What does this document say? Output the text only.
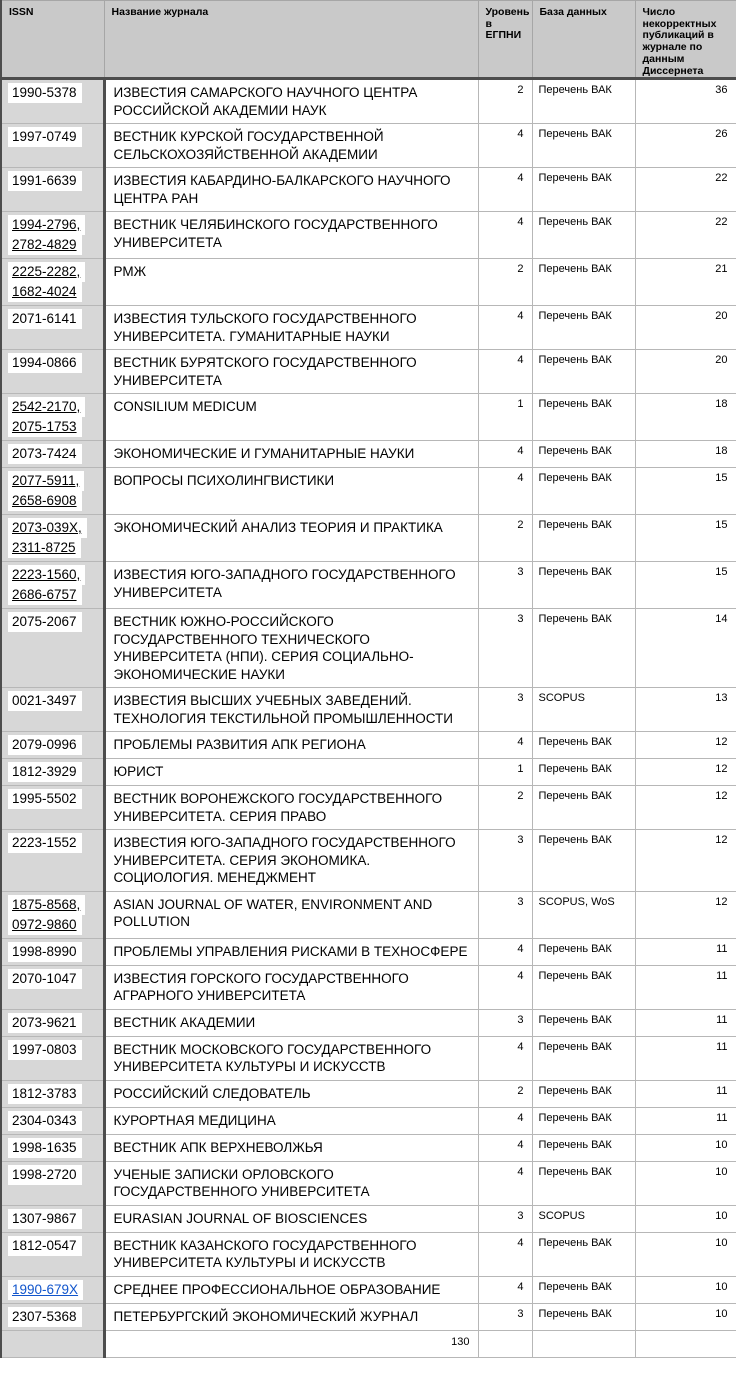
ISSN	Название журнала	Уровень в ЕГПНИ	База данных	Число некорректных публикаций в журнале по данным Диссернета

1990-5378	ИЗВЕСТИЯ САМАРСКОГО НАУЧНОГО ЦЕНТРА РОССИЙСКОЙ АКАДЕМИИ НАУК	2	Перечень ВАК	36

1997-0749	ВЕСТНИК КУРСКОЙ ГОСУДАРСТВЕННОЙ СЕЛЬСКОХОЗЯЙСТВЕННОЙ АКАДЕМИИ	4	Перечень ВАК	26

1991-6639	ИЗВЕСТИЯ КАБАРДИНО-БАЛКАРСКОГО НАУЧНОГО ЦЕНТРА РАН	4	Перечень ВАК	22

1994-2796,
2782-4829	ВЕСТНИК ЧЕЛЯБИНСКОГО ГОСУДАРСТВЕННОГО УНИВЕРСИТЕТА	4	Перечень ВАК	22

2225-2282,
1682-4024	РМЖ	2	Перечень ВАК	21

2071-6141	ИЗВЕСТИЯ ТУЛЬСКОГО ГОСУДАРСТВЕННОГО УНИВЕРСИТЕТА. ГУМАНИТАРНЫЕ НАУКИ	4	Перечень ВАК	20

1994-0866	ВЕСТНИК БУРЯТСКОГО ГОСУДАРСТВЕННОГО УНИВЕРСИТЕТА	4	Перечень ВАК	20

2542-2170,
2075-1753	CONSILIUM MEDICUM	1	Перечень ВАК	18

2073-7424	ЭКОНОМИЧЕСКИЕ И ГУМАНИТАРНЫЕ НАУКИ	4	Перечень ВАК	18

2077-5911,
2658-6908	ВОПРОСЫ ПСИХОЛИНГВИСТИКИ	4	Перечень ВАК	15

2073-039X,
2311-8725	ЭКОНОМИЧЕСКИЙ АНАЛИЗ ТЕОРИЯ И ПРАКТИКА	2	Перечень ВАК	15

2223-1560,
2686-6757	ИЗВЕСТИЯ ЮГО-ЗАПАДНОГО ГОСУДАРСТВЕННОГО УНИВЕРСИТЕТА	3	Перечень ВАК	15

2075-2067	ВЕСТНИК ЮЖНО-РОССИЙСКОГО ГОСУДАРСТВЕННОГО ТЕХНИЧЕСКОГО УНИВЕРСИТЕТА (НПИ). СЕРИЯ СОЦИАЛЬНО-ЭКОНОМИЧЕСКИЕ НАУКИ	3	Перечень ВАК	14

0021-3497	ИЗВЕСТИЯ ВЫСШИХ УЧЕБНЫХ ЗАВЕДЕНИЙ. ТЕХНОЛОГИЯ ТЕКСТИЛЬНОЙ ПРОМЫШЛЕННОСТИ	3	SCOPUS	13

2079-0996	ПРОБЛЕМЫ РАЗВИТИЯ АПК РЕГИОНА	4	Перечень ВАК	12

1812-3929	ЮРИСТ	1	Перечень ВАК	12

1995-5502	ВЕСТНИК ВОРОНЕЖСКОГО ГОСУДАРСТВЕННОГО УНИВЕРСИТЕТА. СЕРИЯ ПРАВО	2	Перечень ВАК	12

2223-1552	ИЗВЕСТИЯ ЮГО-ЗАПАДНОГО ГОСУДАРСТВЕННОГО УНИВЕРСИТЕТА. СЕРИЯ ЭКОНОМИКА. СОЦИОЛОГИЯ. МЕНЕДЖМЕНТ	3	Перечень ВАК	12

1875-8568,
0972-9860	ASIAN JOURNAL OF WATER, ENVIRONMENT AND POLLUTION	3	SCOPUS, WoS	12

1998-8990	ПРОБЛЕМЫ УПРАВЛЕНИЯ РИСКАМИ В ТЕХНОСФЕРЕ	4	Перечень ВАК	11

2070-1047	ИЗВЕСТИЯ ГОРСКОГО ГОСУДАРСТВЕННОГО АГРАРНОГО УНИВЕРСИТЕТА	4	Перечень ВАК	11

2073-9621	ВЕСТНИК АКАДЕМИИ	3	Перечень ВАК	11

1997-0803	ВЕСТНИК МОСКОВСКОГО ГОСУДАРСТВЕННОГО УНИВЕРСИТЕТА КУЛЬТУРЫ И ИСКУССТВ	4	Перечень ВАК	11

1812-3783	РОССИЙСКИЙ СЛЕДОВАТЕЛЬ	2	Перечень ВАК	11

2304-0343	КУРОРТНАЯ МЕДИЦИНА	4	Перечень ВАК	11

1998-1635	ВЕСТНИК АПК ВЕРХНЕВОЛЖЬЯ	4	Перечень ВАК	10

1998-2720	УЧЕНЫЕ ЗАПИСКИ ОРЛОВСКОГО ГОСУДАРСТВЕННОГО УНИВЕРСИТЕТА	4	Перечень ВАК	10

1307-9867	EURASIAN JOURNAL OF BIOSCIENCES	3	SCOPUS	10

1812-0547	ВЕСТНИК КАЗАНСКОГО ГОСУДАРСТВЕННОГО УНИВЕРСИТЕТА КУЛЬТУРЫ И ИСКУССТВ	4	Перечень ВАК	10

1990-679X	СРЕДНЕЕ ПРОФЕССИОНАЛЬНОЕ ОБРАЗОВАНИЕ	4	Перечень ВАК	10

2307-5368	ПЕТЕРБУРГСКИЙ ЭКОНОМИЧЕСКИЙ ЖУРНАЛ	3	Перечень ВАК	10
	130			
